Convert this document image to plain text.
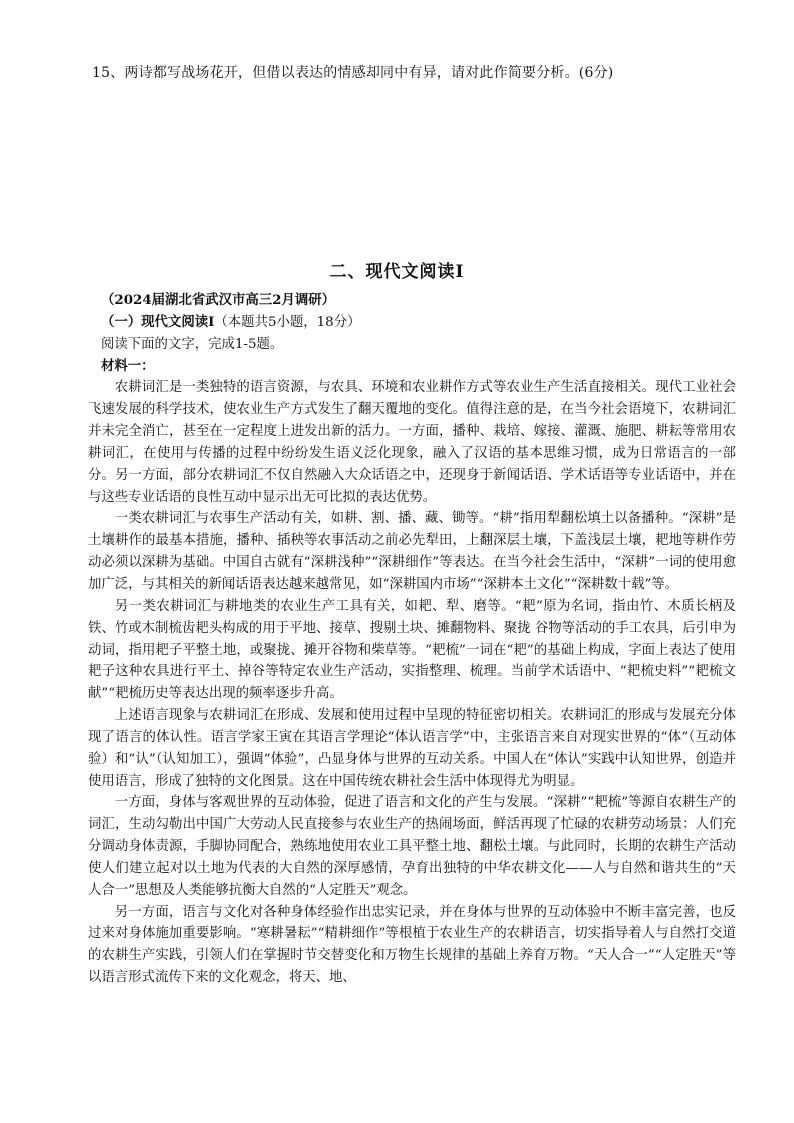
15、两诗都写战场花开，但借以表达的情感却同中有异，请对此作简要分析。(6分)
二、现代文阅读Ⅰ
（2024届湖北省武汉市高三2月调研）
（一）现代文阅读Ⅰ（本题共5小题，18分）
阅读下面的文字，完成1-5题。
材料一：

农耕词汇是一类独特的语言资源，与农具、环境和农业耕作方式等农业生产生活直接相关。现代工业社会飞速发展的科学技术，使农业生产方式发生了翻天覆地的变化。值得注意的是，在当今社会语境下，农耕词汇并未完全消亡，甚至在一定程度上进发出新的活力。一方面，播种、栽培、嫁接、灌溉、施肥、耕耘等常用农耕词汇，在使用与传播的过程中纷纷发生语义泛化现象，融入了汉语的基本思维习惯，成为日常语言的一部分。另一方面，部分农耕词汇不仅自然融入大众话语之中，还现身于新闻话语、学术话语等专业话语中，并在与这些专业话语的良性互动中显示出无可比拟的表达优势。

一类农耕词汇与农事生产活动有关，如耕、割、播、藏、锄等。“耕”指用犁翻松填土以备播种。“深耕”是土壤耕作的最基本措施，播种、插秧等农事活动之前必先犁田，上翻深层土壤，下盖浅层土壤，耙地等耕作劳动必须以深耕为基础。中国自古就有“深耕浅种”“深耕细作”等表达。在当今社会生活中，“深耕”一词的使用愈加广泛，与其相关的新闻话语表达越来越常见，如“深耕国内市场”“深耕本土文化”“深耕数十载”等。

另一类农耕词汇与耕地类的农业生产工具有关，如耙、犁、磨等。“耙”原为名词，指由竹、木质长柄及铁、竹或木制梳齿耙头构成的用于平地、接草、搜剔土块、摊翻物料、聚拢 谷物等活动的手工农具，后引申为动词，指用耙子平整土地，或聚拢、摊开谷物和柴草等。“耙梳”一词在“耙”的基础上构成，字面上表达了使用耙子这种农具进行平土、掉谷等特定农业生产活动，实指整理、梳理。当前学术话语中、“耙梳史料”“耙梳文献”“耙梳历史等表达出现的频率逐步升高。

上述语言现象与农耕词汇在形成、发展和使用过程中呈现的特征密切相关。农耕词汇的形成与发展充分体现了语言的体认性。语言学家王寅在其语言学理论“体认语言学”中，主张语言来自对现实世界的“体”（互动体验）和“认”（认知加工），强调“体验”，凸显身体与世界的互动关系。中国人在“体认”实践中认知世界，创造并使用语言，形成了独特的文化图景。这在中国传统农耕社会生活中体现得尤为明显。

一方面，身体与客观世界的互动体验，促进了语言和文化的产生与发展。“深耕”“耙梳”等源自农耕生产的词汇，生动勾勒出中国广大劳动人民直接参与农业生产的热闹场面，鲜活再现了忙碌的农耕劳动场景：人们充分调动身体责源，手脚协同配合，熟练地使用农业工具平整土地、翻松土壤。与此同时，长期的农耕生产活动使人们建立起对以土地为代表的大自然的深厚感情，孕育出独特的中华农耕文化——人与自然和谐共生的“天人合一”思想及人类能够抗衡大自然的“人定胜天”观念。

另一方面，语言与文化对各种身体经验作出忠实记录，并在身体与世界的互动体验中不断丰富完善，也反过来对身体施加重要影响。“寒耕暑耘”“精耕细作”等根植于农业生产的农耕语言，切实指导着人与自然打交道的农耕生产实践，引领人们在掌握时节交替变化和万物生长规律的基础上养育万物。“天人合一”“人定胜天”等以语言形式流传下来的文化观念，将天、地、
